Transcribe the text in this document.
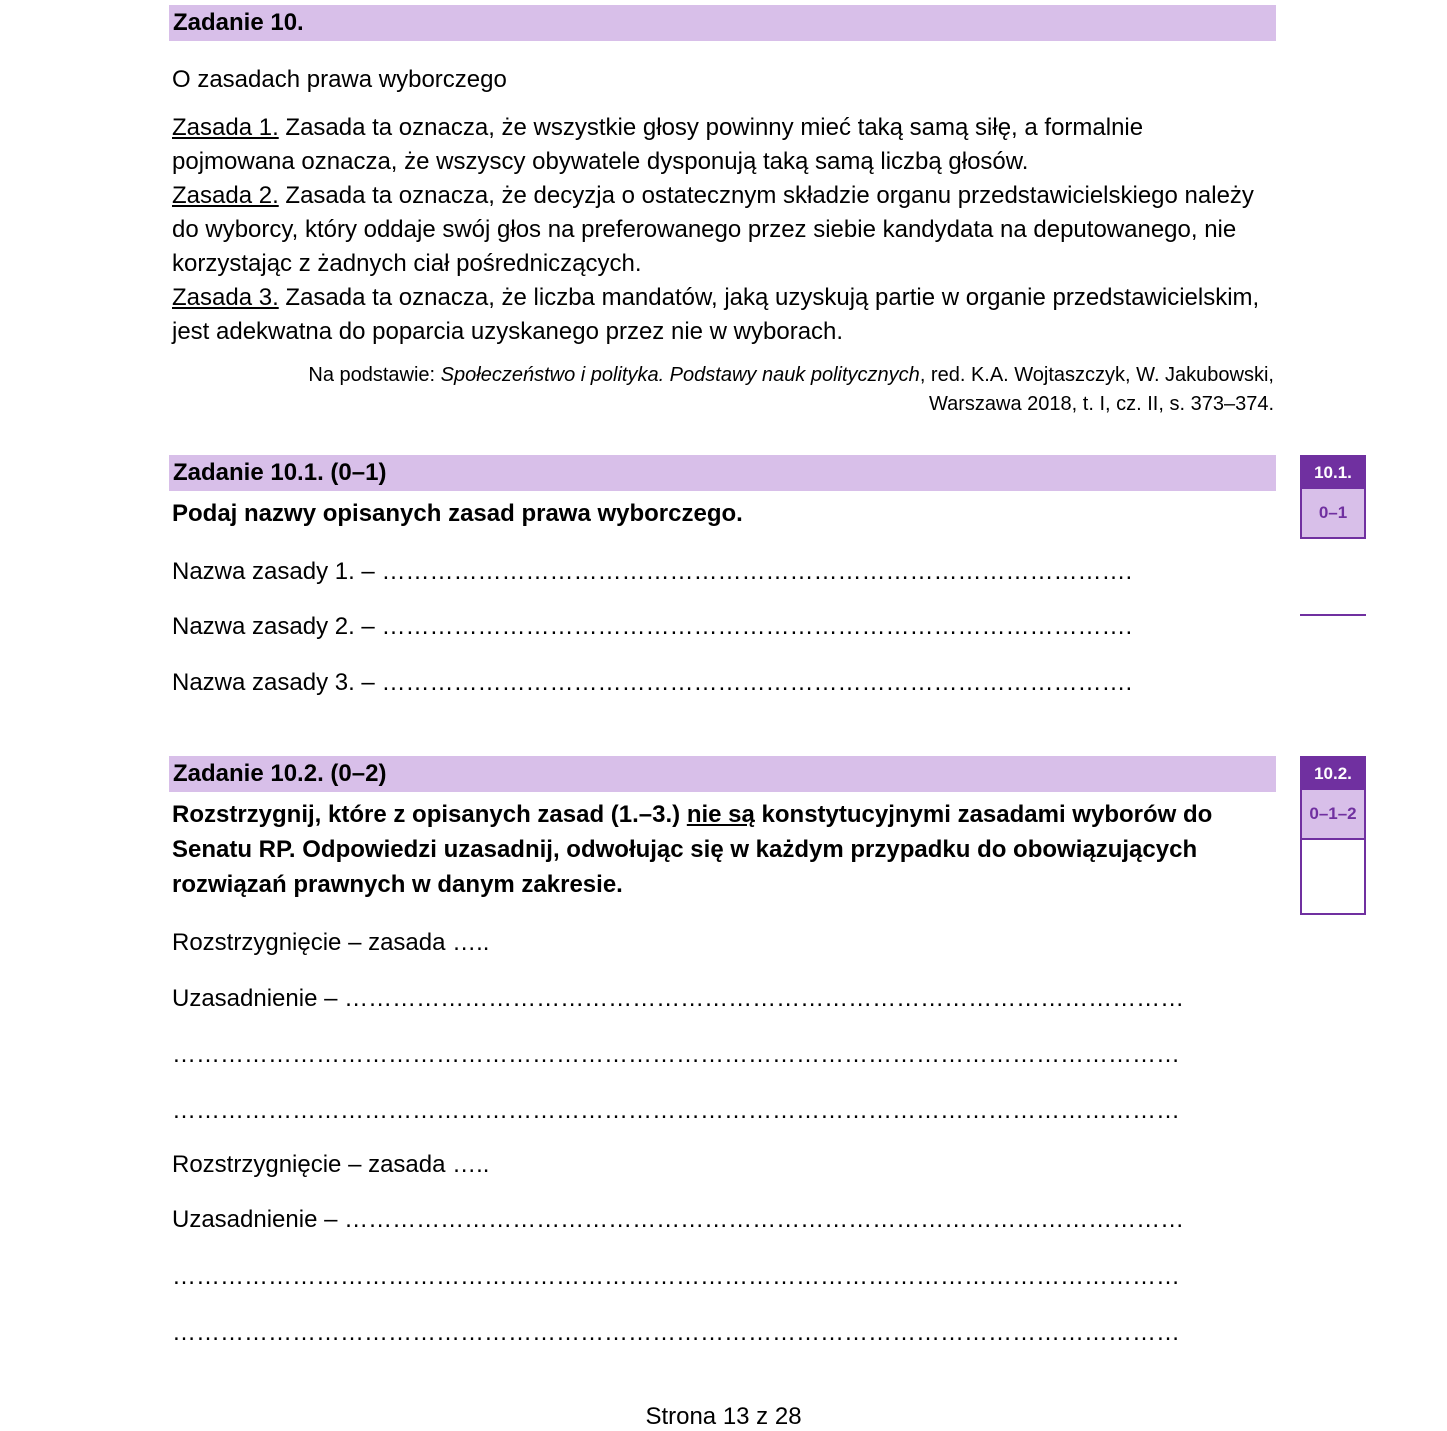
Zadanie 10.
O zasadach prawa wyborczego

Zasada 1. Zasada ta oznacza, że wszystkie głosy powinny mieć taką samą siłę, a formalnie pojmowana oznacza, że wszyscy obywatele dysponują taką samą liczbą głosów.

Zasada 2. Zasada ta oznacza, że decyzja o ostatecznym składzie organu przedstawicielskiego należy do wyborcy, który oddaje swój głos na preferowanego przez siebie kandydata na deputowanego, nie korzystając z żadnych ciał pośredniczących.

Zasada 3. Zasada ta oznacza, że liczba mandatów, jaką uzyskują partie w organie przedstawicielskim, jest adekwatna do poparcia uzyskanego przez nie w wyborach.

Na podstawie: Społeczeństwo i polityka. Podstawy nauk politycznych, red. K.A. Wojtaszczyk, W. Jakubowski,

Warszawa 2018, t. I, cz. II, s. 373–374.

Zadanie 10.1. (0–1)	10.1.
0–1

Podaj nazwy opisanych zasad prawa wyborczego.

Nazwa zasady 1. – ………………………………………………………………………………….
Nazwa zasady 2. – ………………………………………………………………………………….
Nazwa zasady 3. – ………………………………………………………………………………….
Zadanie 10.2. (0–2)	10.2.
0–1–2

Rozstrzygnij, które z opisanych zasad (1.–3.) nie są konstytucyjnymi zasadami wyborów do Senatu RP. Odpowiedzi uzasadnij, odwołując się w każdym przypadku do obowiązujących rozwiązań prawnych w danym zakresie.

Rozstrzygnięcie – zasada …..
Uzasadnienie – ……………………………………………………………………………………………
………………………………………………………………………………………………………………
………………………………………………………………………………………………………………
Rozstrzygnięcie – zasada …..
Uzasadnienie – ……………………………………………………………………………………………
………………………………………………………………………………………………………………
………………………………………………………………………………………………………………
Strona 13 z 28
